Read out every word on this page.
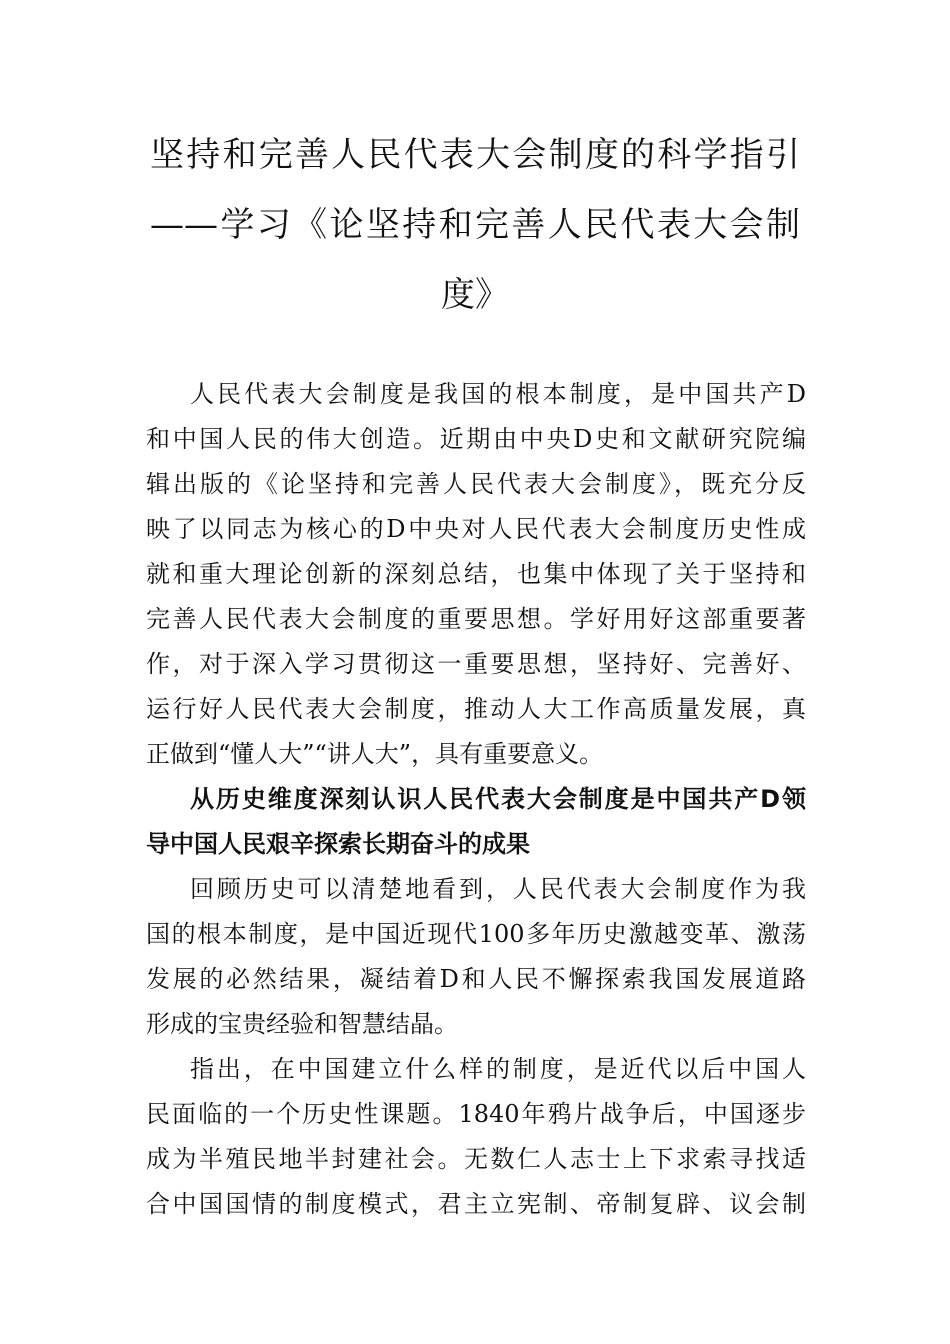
坚持和完善人民代表大会制度的科学指引
——学习《论坚持和完善人民代表大会制
度》
人民代表大会制度是我国的根本制度，是中国共产D
和中国人民的伟大创造。近期由中央D史和文献研究院编
辑出版的《论坚持和完善人民代表大会制度》，既充分反
映了以同志为核心的D中央对人民代表大会制度历史性成
就和重大理论创新的深刻总结，也集中体现了关于坚持和
完善人民代表大会制度的重要思想。学好用好这部重要著
作，对于深入学习贯彻这一重要思想，坚持好、完善好、
运行好人民代表大会制度，推动人大工作高质量发展，真
正做到“懂人大”“讲人大”，具有重要意义。
从历史维度深刻认识人民代表大会制度是中国共产D领
导中国人民艰辛探索长期奋斗的成果
回顾历史可以清楚地看到，人民代表大会制度作为我
国的根本制度，是中国近现代100多年历史激越变革、激荡
发展的必然结果，凝结着D和人民不懈探索我国发展道路
形成的宝贵经验和智慧结晶。
指出，在中国建立什么样的制度，是近代以后中国人
民面临的一个历史性课题。1840年鸦片战争后，中国逐步
成为半殖民地半封建社会。无数仁人志士上下求索寻找适
合中国国情的制度模式，君主立宪制、帝制复辟、议会制
